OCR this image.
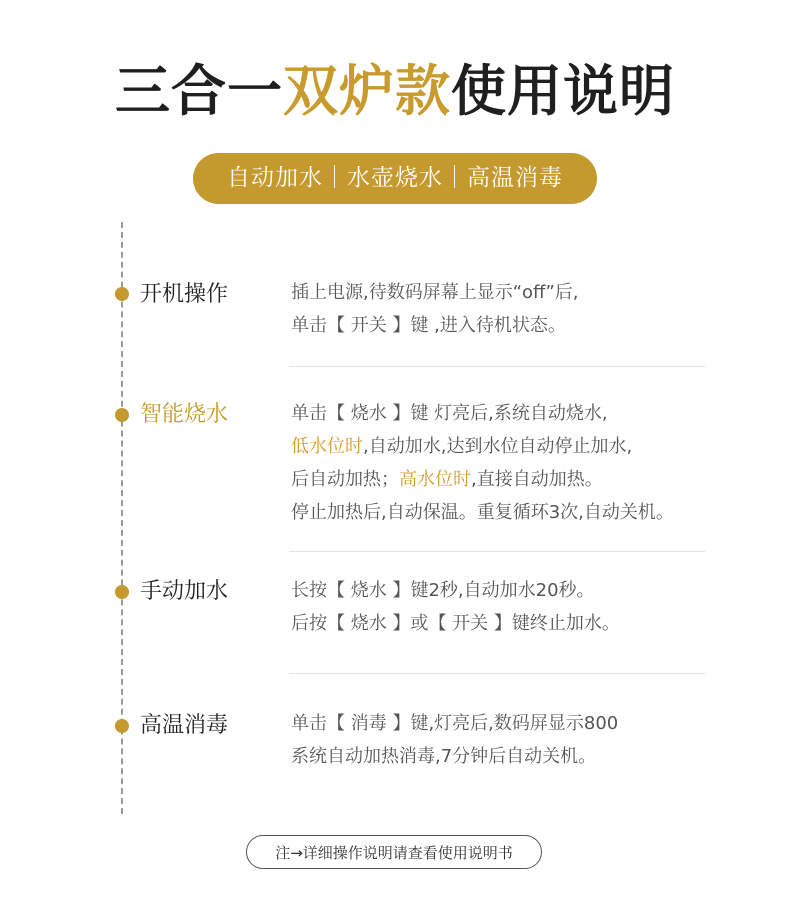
三合一双炉款使用说明
自动加水｜水壶烧水｜高温消毒
开机操作	插上电源,待数码屏幕上显示“off”后,
单击【 开关 】键 ,进入待机状态。
智能烧水	单击【 烧水 】键 灯亮后,系统自动烧水,
低水位时,自动加水,达到水位自动停止加水,
后自动加热；高水位时,直接自动加热。
停止加热后,自动保温。重复循环3次,自动关机。
手动加水	长按【 烧水 】键2秒,自动加水20秒。
后按【 烧水 】或【 开关 】键终止加水。
高温消毒	单击【 消毒 】键,灯亮后,数码屏显示800
系统自动加热消毒,7分钟后自动关机。
注→详细操作说明请查看使用说明书
